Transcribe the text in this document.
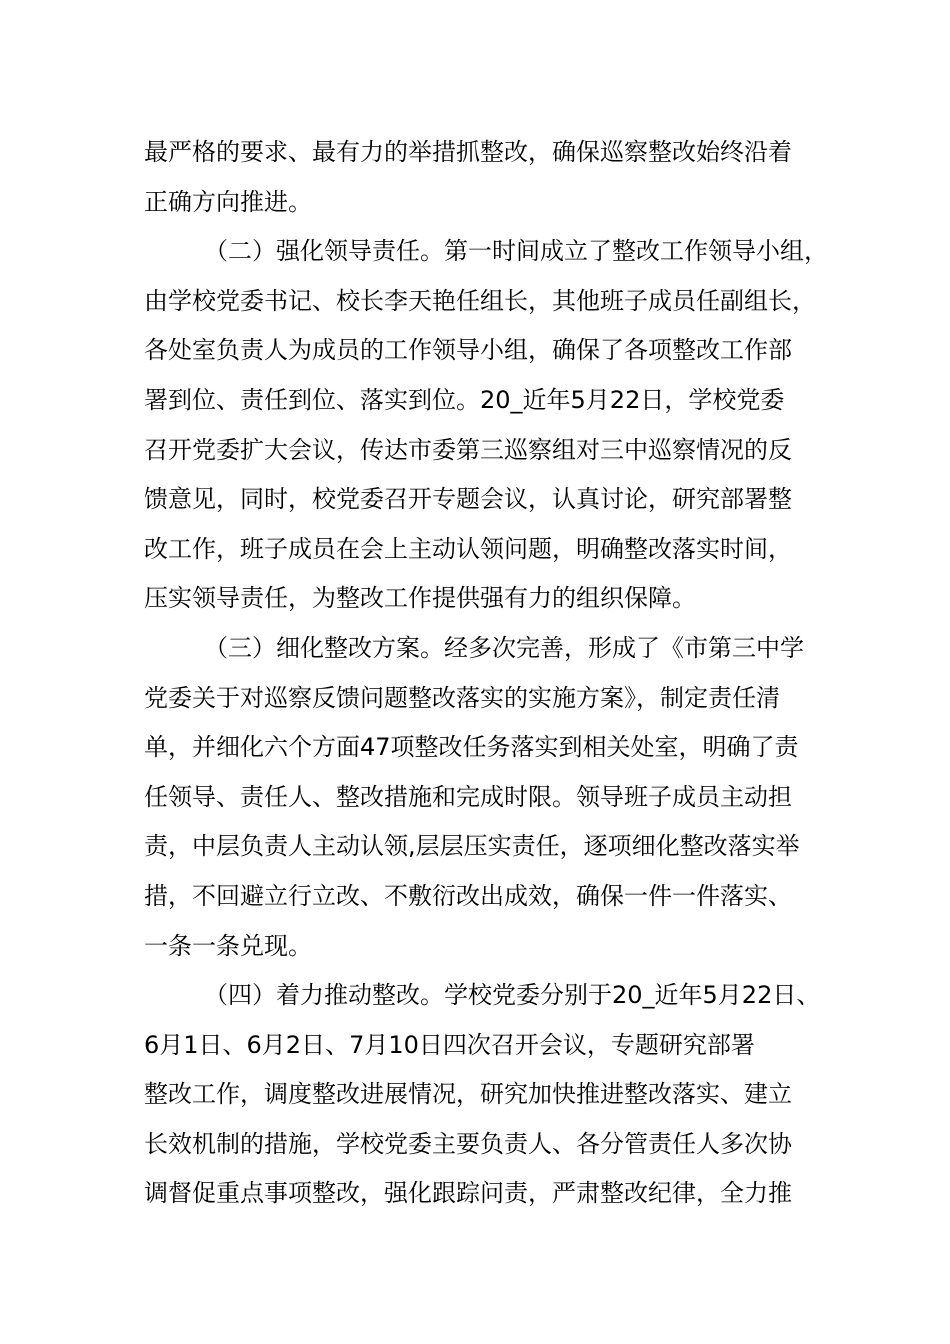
最严格的要求、最有力的举措抓整改，确保巡察整改始终沿着
正确方向推进。
（二）强化领导责任。第一时间成立了整改工作领导小组，
由学校党委书记、校长李天艳任组长，其他班子成员任副组长，
各处室负责人为成员的工作领导小组，确保了各项整改工作部
署到位、责任到位、落实到位。20_近年5月22日，学校党委
召开党委扩大会议，传达市委第三巡察组对三中巡察情况的反
馈意见，同时，校党委召开专题会议，认真讨论，研究部署整
改工作，班子成员在会上主动认领问题，明确整改落实时间，
压实领导责任，为整改工作提供强有力的组织保障。
（三）细化整改方案。经多次完善，形成了《市第三中学
党委关于对巡察反馈问题整改落实的实施方案》，制定责任清
单，并细化六个方面47项整改任务落实到相关处室，明确了责
任领导、责任人、整改措施和完成时限。领导班子成员主动担
责，中层负责人主动认领,层层压实责任，逐项细化整改落实举
措，不回避立行立改、不敷衍改出成效，确保一件一件落实、
一条一条兑现。
（四）着力推动整改。学校党委分别于20_近年5月22日、
6月1日、6月2日、7月10日四次召开会议，专题研究部署
整改工作，调度整改进展情况，研究加快推进整改落实、建立
长效机制的措施，学校党委主要负责人、各分管责任人多次协
调督促重点事项整改，强化跟踪问责，严肃整改纪律，全力推
